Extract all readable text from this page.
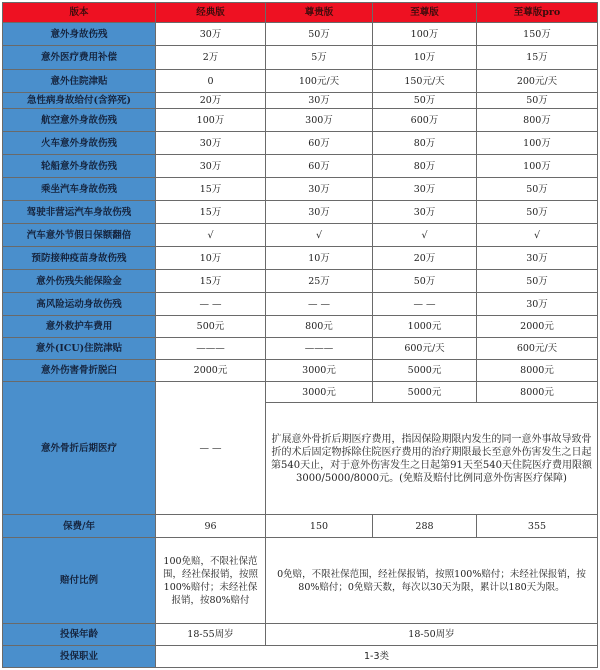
版本	经典版	尊贵版	至尊版	至尊版pro
意外身故伤残	30万	50万	100万	150万
意外医疗费用补偿	2万	5万	10万	15万
意外住院津贴	0	100元/天	150元/天	200元/天
急性病身故给付(含猝死)	20万	30万	50万	50万
航空意外身故伤残	100万	300万	600万	800万
火车意外身故伤残	30万	60万	80万	100万
轮船意外身故伤残	30万	60万	80万	100万
乘坐汽车身故伤残	15万	30万	30万	50万
驾驶非营运汽车身故伤残	15万	30万	30万	50万
汽车意外节假日保额翻倍	√	√	√	√
预防接种疫苗身故伤残	10万	10万	20万	30万
意外伤残失能保险金	15万	25万	50万	50万
高风险运动身故伤残	— —	— —	— —	30万
意外救护车费用	500元	800元	1000元	2000元
意外(ICU)住院津贴	———	———	600元/天	600元/天
意外伤害骨折脱臼	2000元	3000元	5000元	8000元
意外骨折后期医疗	— —	3000元	5000元	8000元
		扩展意外骨折后期医疗费用，指因保险期限内发生的同一意外事故导致骨折的术后固定物拆除住院医疗费用的治疗期限最长至意外伤害发生之日起第540天止，对于意外伤害发生之日起第91天至540天住院医疗费用限额3000/5000/8000元。(免赔及赔付比例同意外伤害医疗保障)		
保费/年	96	150	288	355
赔付比例	100免赔，不限社保范围，经社保报销，按照100%赔付；未经社保报销，按80%赔付	0免赔，不限社保范围，经社保报销，按照100%赔付；未经社保报销，按80%赔付；0免赔天数，每次以30天为限，累计以180天为限。		
投保年龄	18-55周岁	18-50周岁		
投保职业	1-3类			
